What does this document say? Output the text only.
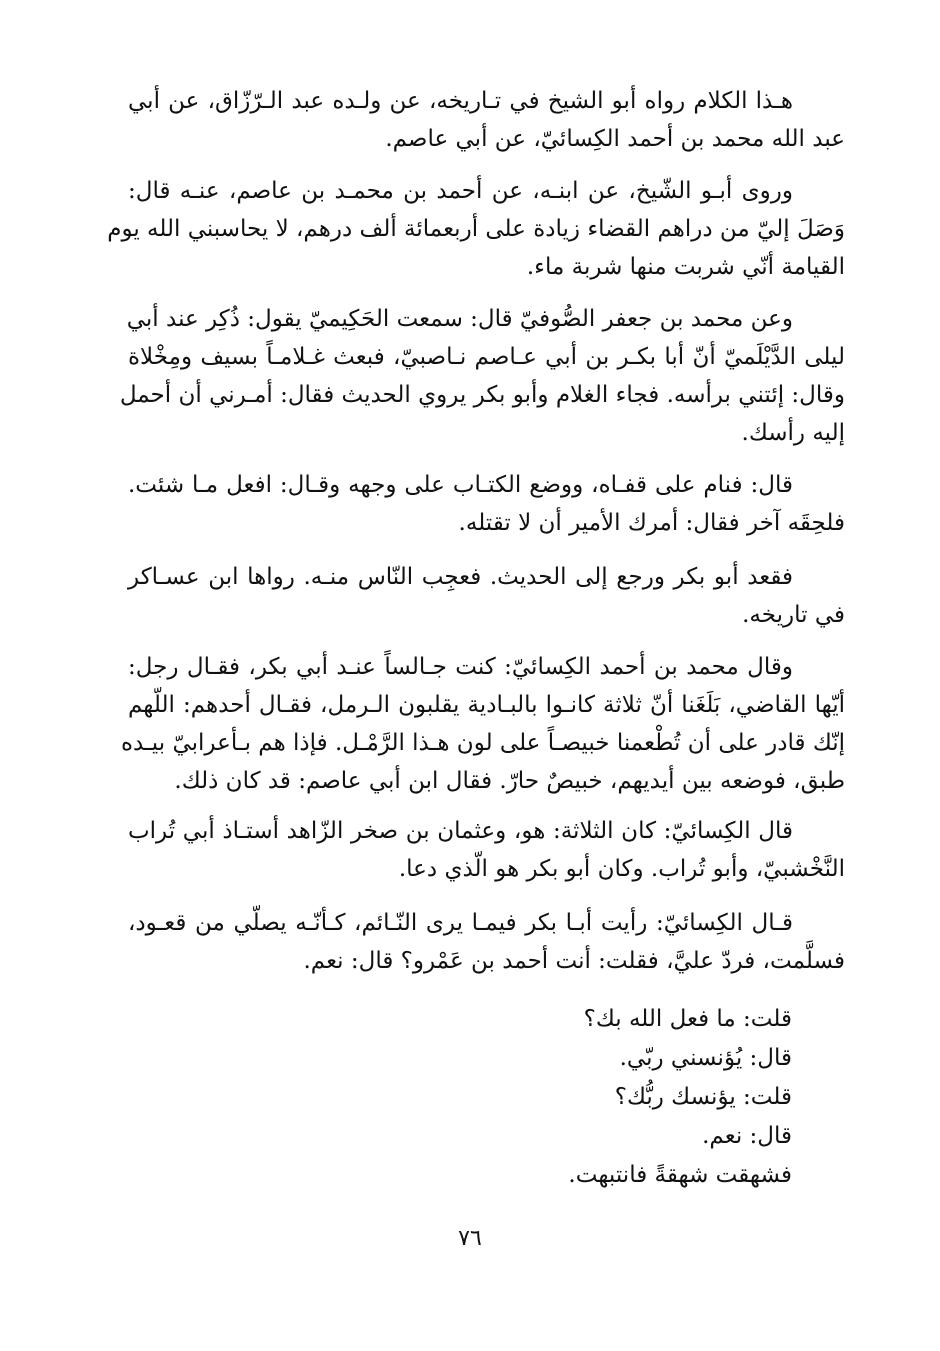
هـذا الكلام رواه أبو الشيخ في تـاريخه، عن ولـده عبد الـرّزّاق، عن أبي
عبد الله محمد بن أحمد الكِسائيّ، عن أبي عاصم.
وروى أبـو الشّيخ، عن ابنـه، عن أحمد بن محمـد بن عاصم، عنـه قال:
وَصَلَ إليّ من دراهم القضاء زيادة على أربعمائة ألف درهم، لا يحاسبني الله يوم
القيامة أنّي شربت منها شربة ماء.
وعن محمد بن جعفر الصُّوفيّ قال: سمعت الحَكِيميّ يقول: ذُكِر عند أبي
ليلى الدَّيْلَميّ أنّ أبا بكـر بن أبي عـاصم نـاصبيّ، فبعث غـلامـاً بسيف ومِخْلاة
وقال: إئتني برأسه. فجاء الغلام وأبو بكر يروي الحديث فقال: أمـرني أن أحمل
إليه رأسك.
قال: فنام على قفـاه، ووضع الكتـاب على وجهه وقـال: افعل مـا شئت.
فلحِقَه آخر فقال: أمرك الأمير أن لا تقتله.
فقعد أبو بكر ورجع إلى الحديث. فعجِب النّاس منـه. رواها ابن عسـاكر
في تاريخه.
وقال محمد بن أحمد الكِسائيّ: كنت جـالساً عنـد أبي بكر، فقـال رجل:
أيّها القاضي، بَلَغَنا أنّ ثلاثة كانـوا بالبـادية يقلبون الـرمل، فقـال أحدهم: اللّهم
إنّك قادر على أن تُطْعمنا خبيصـاً على لون هـذا الرَّمْـل. فإذا هم بـأعرابيّ بيـده
طبق، فوضعه بين أيديهم، خبيصٌ حارّ. فقال ابن أبي عاصم: قد كان ذلك.
قال الكِسائيّ: كان الثلاثة: هو، وعثمان بن صخر الزّاهد أستـاذ أبي تُراب
النَّخْشبيّ، وأبو تُراب. وكان أبو بكر هو الّذي دعا.
قـال الكِسائيّ: رأيت أبـا بكر فيمـا يرى النّـائم، كـأنّـه يصلّي من قعـود،
فسلَّمت، فردّ عليَّ، فقلت: أنت أحمد بن عَمْرو؟ قال: نعم.
قلت: ما فعل الله بك؟
قال: يُؤنسني ربّي.
قلت: يؤنسك ربُّك؟
قال: نعم.
فشهقت شهقةً فانتبهت.
٧٦
